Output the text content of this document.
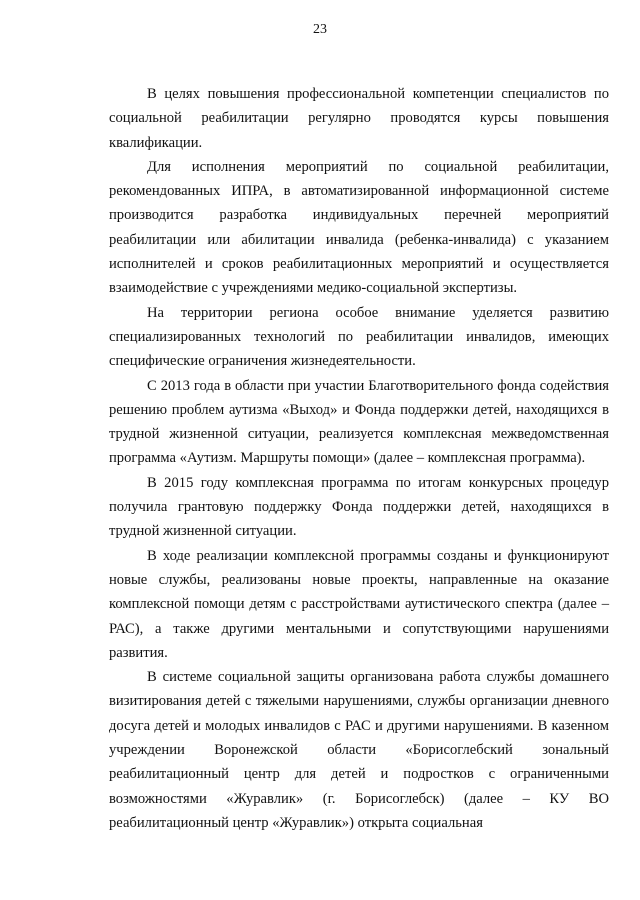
23

В целях повышения профессиональной компетенции специалистов по социальной реабилитации регулярно проводятся курсы повышения квалификации.

Для исполнения мероприятий по социальной реабилитации, рекомендованных ИПРА, в автоматизированной информационной системе производится разработка индивидуальных перечней мероприятий реабилитации или абилитации инвалида (ребенка-инвалида) с указанием исполнителей и сроков реабилитационных мероприятий и осуществляется взаимодействие с учреждениями медико-социальной экспертизы.

На территории региона особое внимание уделяется развитию специализированных технологий по реабилитации инвалидов, имеющих специфические ограничения жизнедеятельности.

С 2013 года в области при участии Благотворительного фонда содействия решению проблем аутизма «Выход» и Фонда поддержки детей, находящихся в трудной жизненной ситуации, реализуется комплексная межведомственная программа «Аутизм. Маршруты помощи» (далее – комплексная программа).

В 2015 году комплексная программа по итогам конкурсных процедур получила грантовую поддержку Фонда поддержки детей, находящихся в трудной жизненной ситуации.

В ходе реализации комплексной программы созданы и функционируют новые службы, реализованы новые проекты, направленные на оказание комплексной помощи детям с расстройствами аутистического спектра (далее – РАС), а также другими ментальными и сопутствующими нарушениями развития.

В системе социальной защиты организована работа службы домашнего визитирования детей с тяжелыми нарушениями, службы организации дневного досуга детей и молодых инвалидов с РАС и другими нарушениями. В казенном учреждении Воронежской области «Борисоглебский зональный реабилитационный центр для детей и подростков с ограниченными возможностями «Журавлик» (г. Борисоглебск) (далее – КУ ВО реабилитационный центр «Журавлик») открыта социальная
